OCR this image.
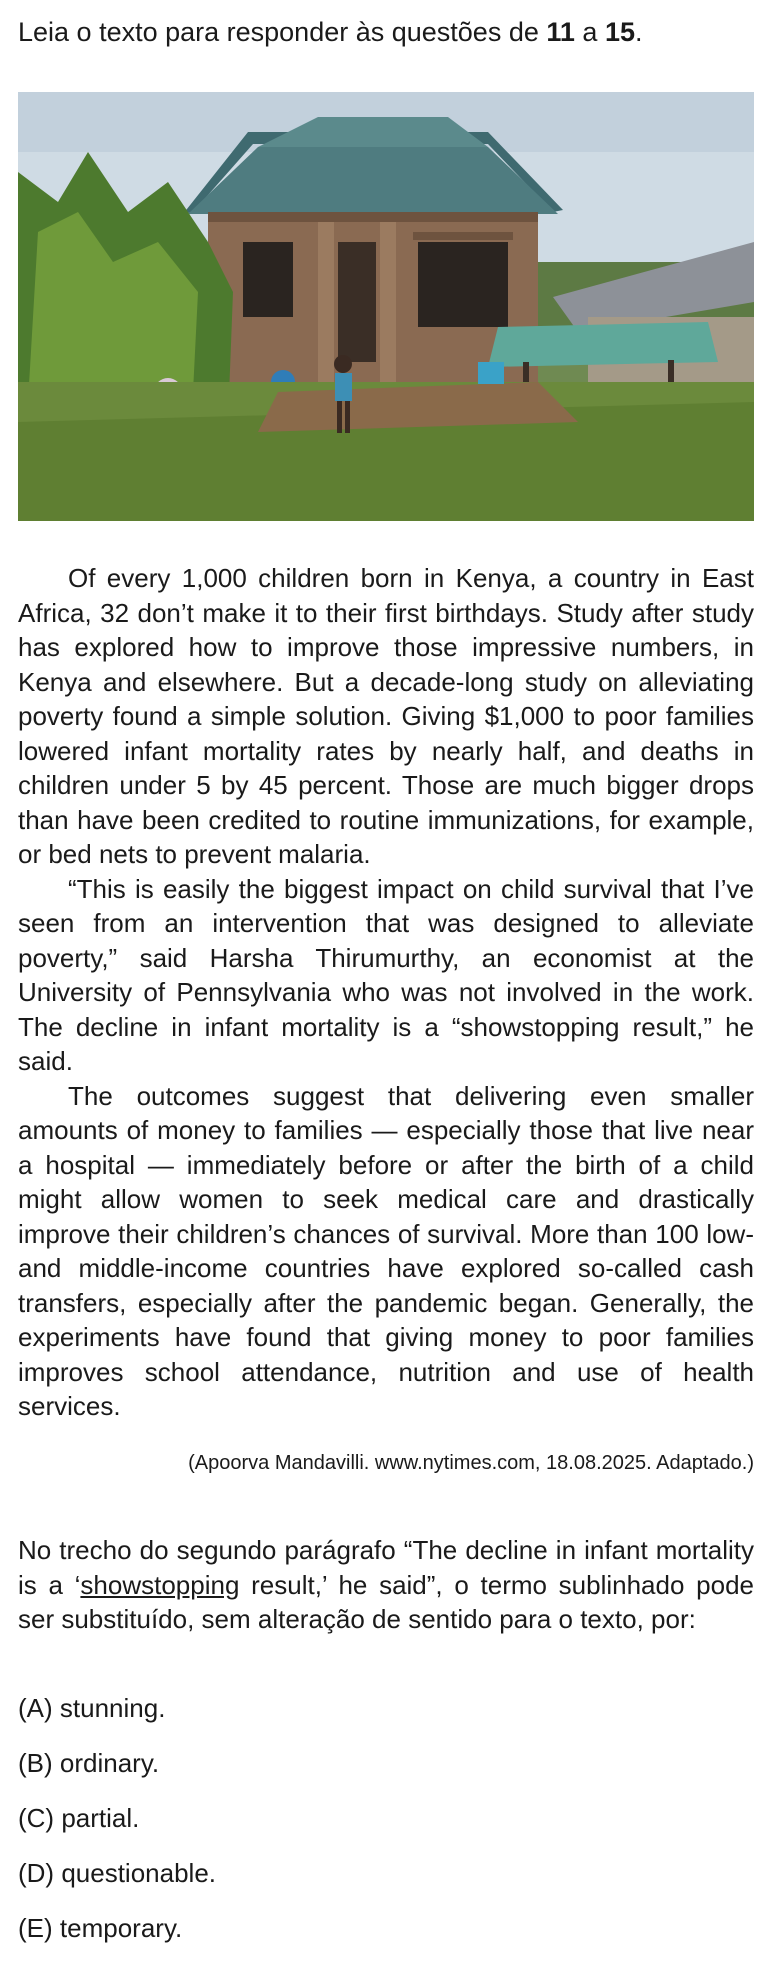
Leia o texto para responder às questões de 11 a 15.

Of every 1,000 children born in Kenya, a country in East Africa, 32 don’t make it to their first birthdays. Study after study has explored how to improve those impressive numbers, in Kenya and elsewhere. But a decade-long study on alleviating poverty found a simple solution. Giving $1,000 to poor families lowered infant mortality rates by nearly half, and deaths in children under 5 by 45 percent. Those are much bigger drops than have been credited to routine immunizations, for example, or bed nets to prevent malaria.

“This is easily the biggest impact on child survival that I’ve seen from an intervention that was designed to alleviate poverty,” said Harsha Thirumurthy, an economist at the University of Pennsylvania who was not involved in the work. The decline in infant mortality is a “showstopping result,” he said.

The outcomes suggest that delivering even smaller amounts of money to families — especially those that live near a hospital — immediately before or after the birth of a child might allow women to seek medical care and drastically improve their children’s chances of survival. More than 100 low- and middle-income countries have explored so-called cash transfers, especially after the pandemic began. Generally, the experiments have found that giving money to poor families improves school attendance, nutrition and use of health services.

(Apoorva Mandavilli. www.nytimes.com, 18.08.2025. Adaptado.)
No trecho do segundo parágrafo “The decline in infant mortality is a ‘showstopping result,’ he said”, o termo sublinhado pode ser substituído, sem alteração de sentido para o texto, por:
(A) stunning.
(B) ordinary.
(C) partial.
(D) questionable.
(E) temporary.
